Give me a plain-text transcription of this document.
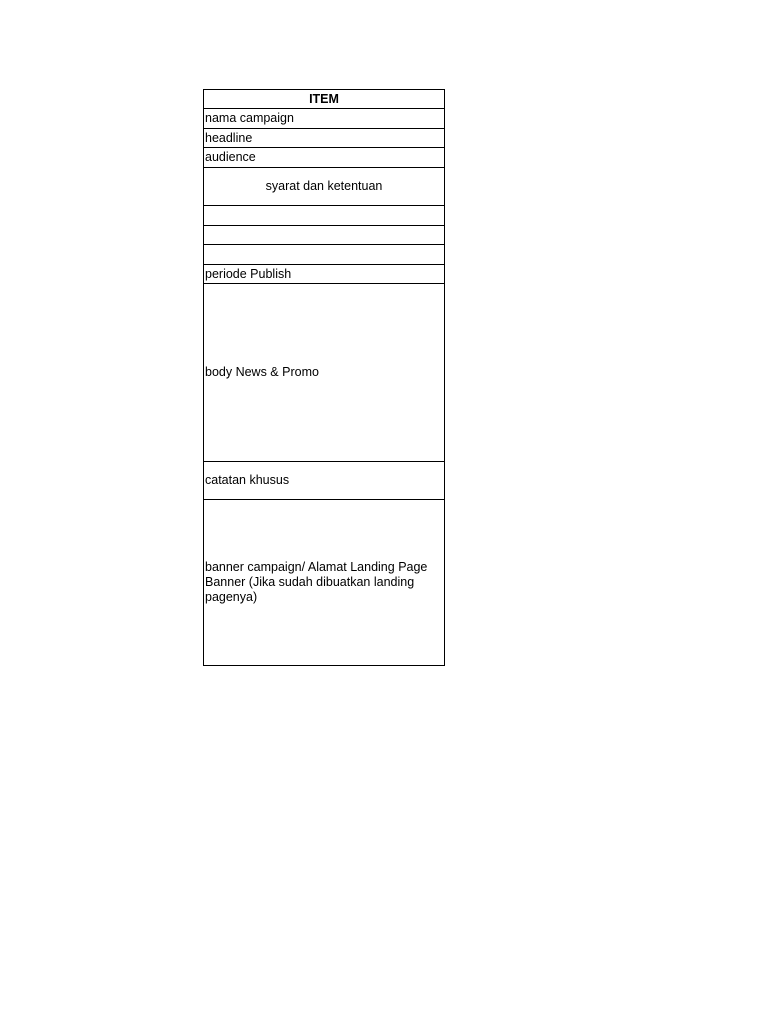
ITEM
nama campaign
headline
audience
syarat dan ketentuan

periode Publish
body News & Promo
catatan khusus
banner campaign/ Alamat Landing Page Banner (Jika sudah dibuatkan landing pagenya)
